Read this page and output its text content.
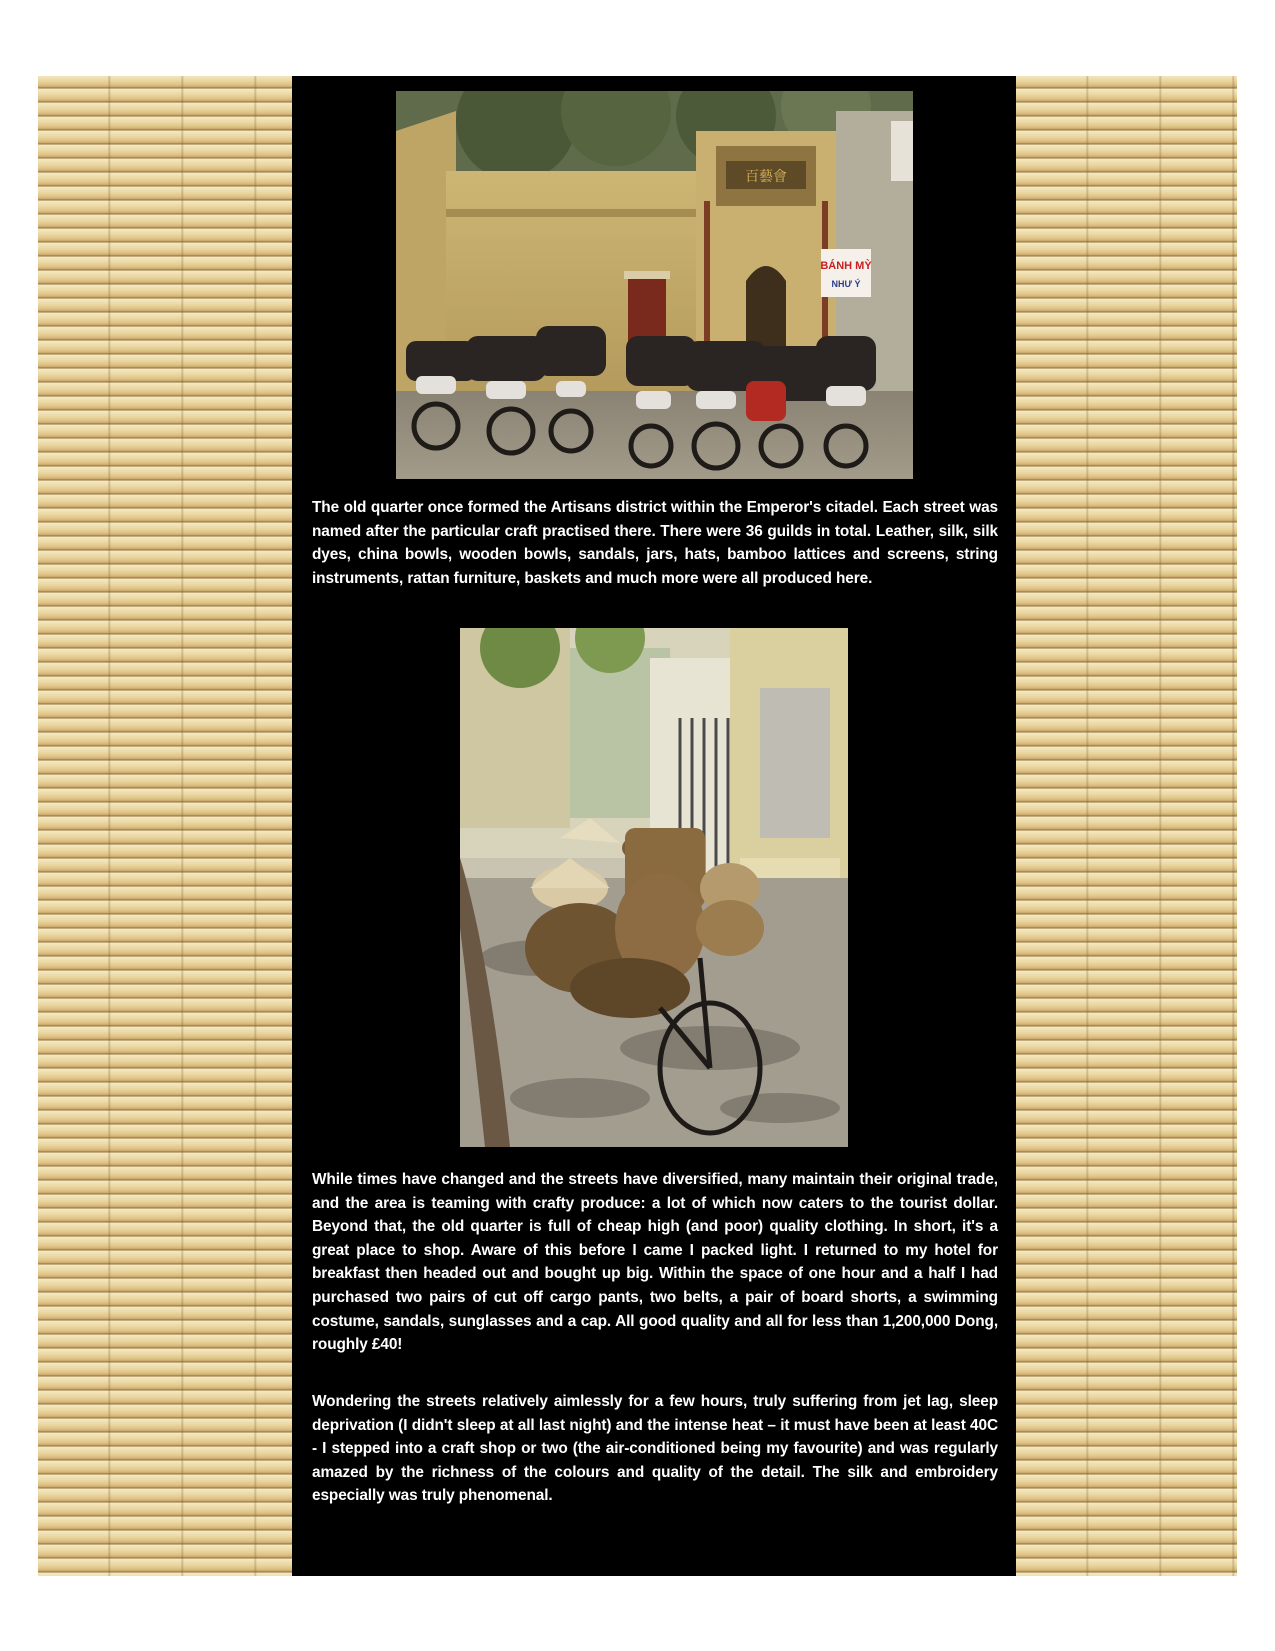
百藝會
BÁNH MỲ
NHƯ Ý

The old quarter once formed the Artisans district within the Emperor's citadel. Each street was named after the particular craft practised there. There were 36 guilds in total. Leather, silk, silk dyes, china bowls, wooden bowls, sandals, jars, hats, bamboo lattices and screens, string instruments, rattan furniture, baskets and much more were all produced here.

While times have changed and the streets have diversified, many maintain their original trade, and the area is teaming with crafty produce: a lot of which now caters to the tourist dollar. Beyond that, the old quarter is full of cheap high (and poor) quality clothing. In short, it's a great place to shop. Aware of this before I came I packed light. I returned to my hotel for breakfast then headed out and bought up big. Within the space of one hour and a half I had purchased two pairs of cut off cargo pants, two belts, a pair of board shorts, a swimming costume, sandals, sunglasses and a cap. All good quality and all for less than 1,200,000 Dong, roughly £40!

Wondering the streets relatively aimlessly for a few hours, truly suffering from jet lag, sleep deprivation (I didn't sleep at all last night) and the intense heat – it must have been at least 40C - I stepped into a craft shop or two (the air-conditioned being my favourite) and was regularly amazed by the richness of the colours and quality of the detail. The silk and embroidery especially was truly phenomenal.
